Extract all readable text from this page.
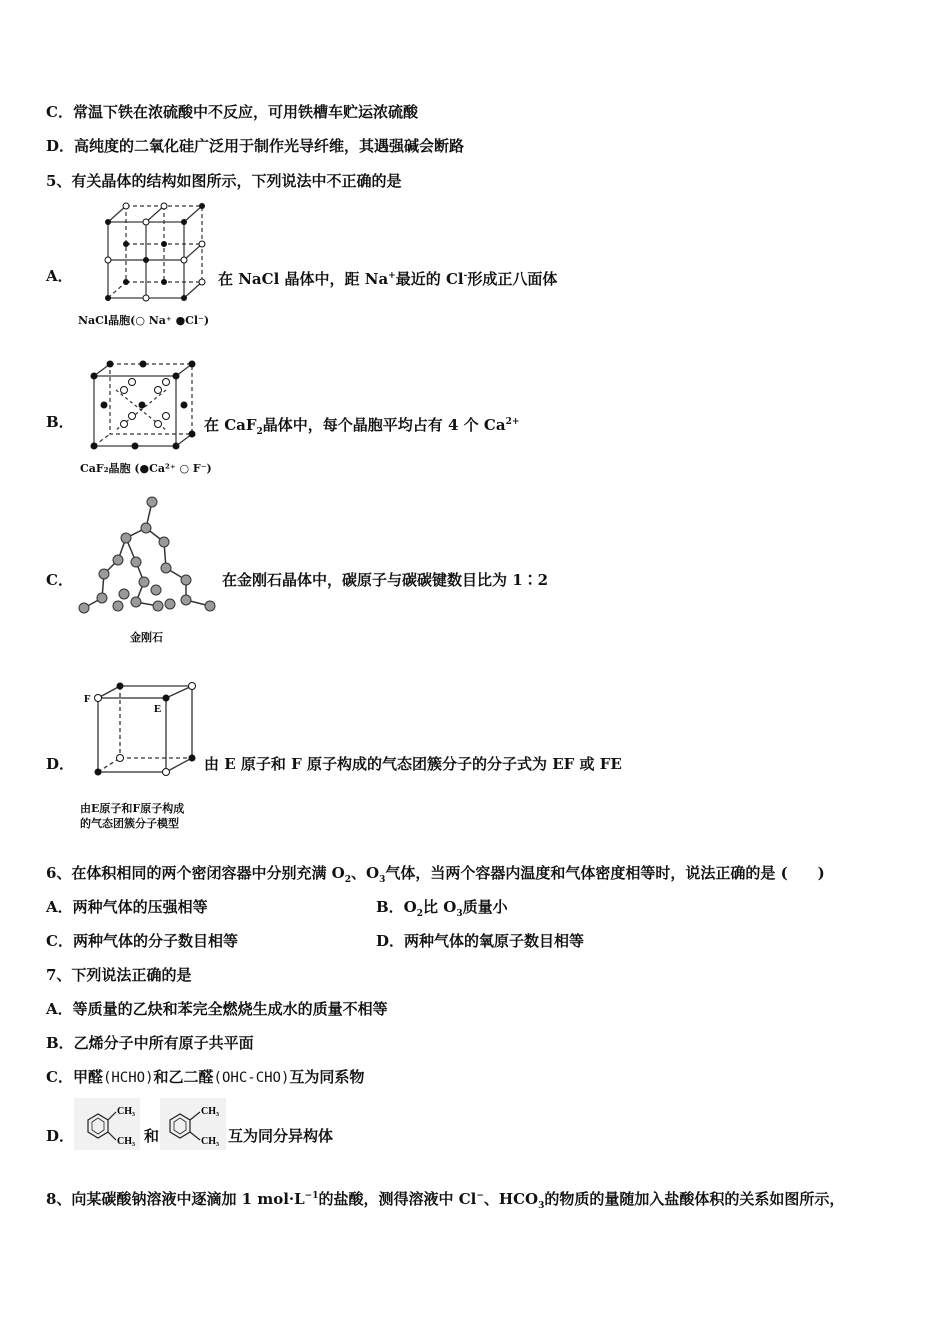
C．常温下铁在浓硫酸中不反应，可用铁槽车贮运浓硫酸
D．高纯度的二氧化硅广泛用于制作光导纤维，其遇强碱会断路
5、有关晶体的结构如图所示，下列说法中不正确的是
A．
NaCl晶胞(○ Na⁺ ●Cl⁻)
在 NaCl 晶体中，距 Na+最近的 Cl-形成正八面体
B．
CaF₂晶胞 (●Ca²⁺ ○ F⁻)
在 CaF$_2$晶体中，每个晶胞平均占有 4 个 $Ca^{2+}$
C．
金刚石
在金刚石晶体中，碳原子与碳碳键数目比为 1∶2
D．
F
E
由E原子和F原子构成
的气态团簇分子模型
由 E 原子和 F 原子构成的气态团簇分子的分子式为 EF 或 FE
6、在体积相同的两个密闭容器中分别充满 $O_2$、$O_3$气体，当两个容器内温度和气体密度相等时，说法正确的是 (　　)
A．两种气体的压强相等	B．$O_2$比 $O_3$质量小
C．两种气体的分子数目相等	D．两种气体的氧原子数目相等
7、下列说法正确的是
A．等质量的乙炔和苯完全燃烧生成水的质量不相等
B．乙烯分子中所有原子共平面
C．甲醛(HCHO)和乙二醛(OHC-CHO)互为同系物
D．
CH₃
CH₃ 和
CH₃
CH₃ 互为同分异构体
8、向某碳酸钠溶液中逐滴加 1 $mol\cdot L^{-1}$的盐酸，测得溶液中 Cl−、$HCO_3$的物质的量随加入盐酸体积的关系如图所示，
